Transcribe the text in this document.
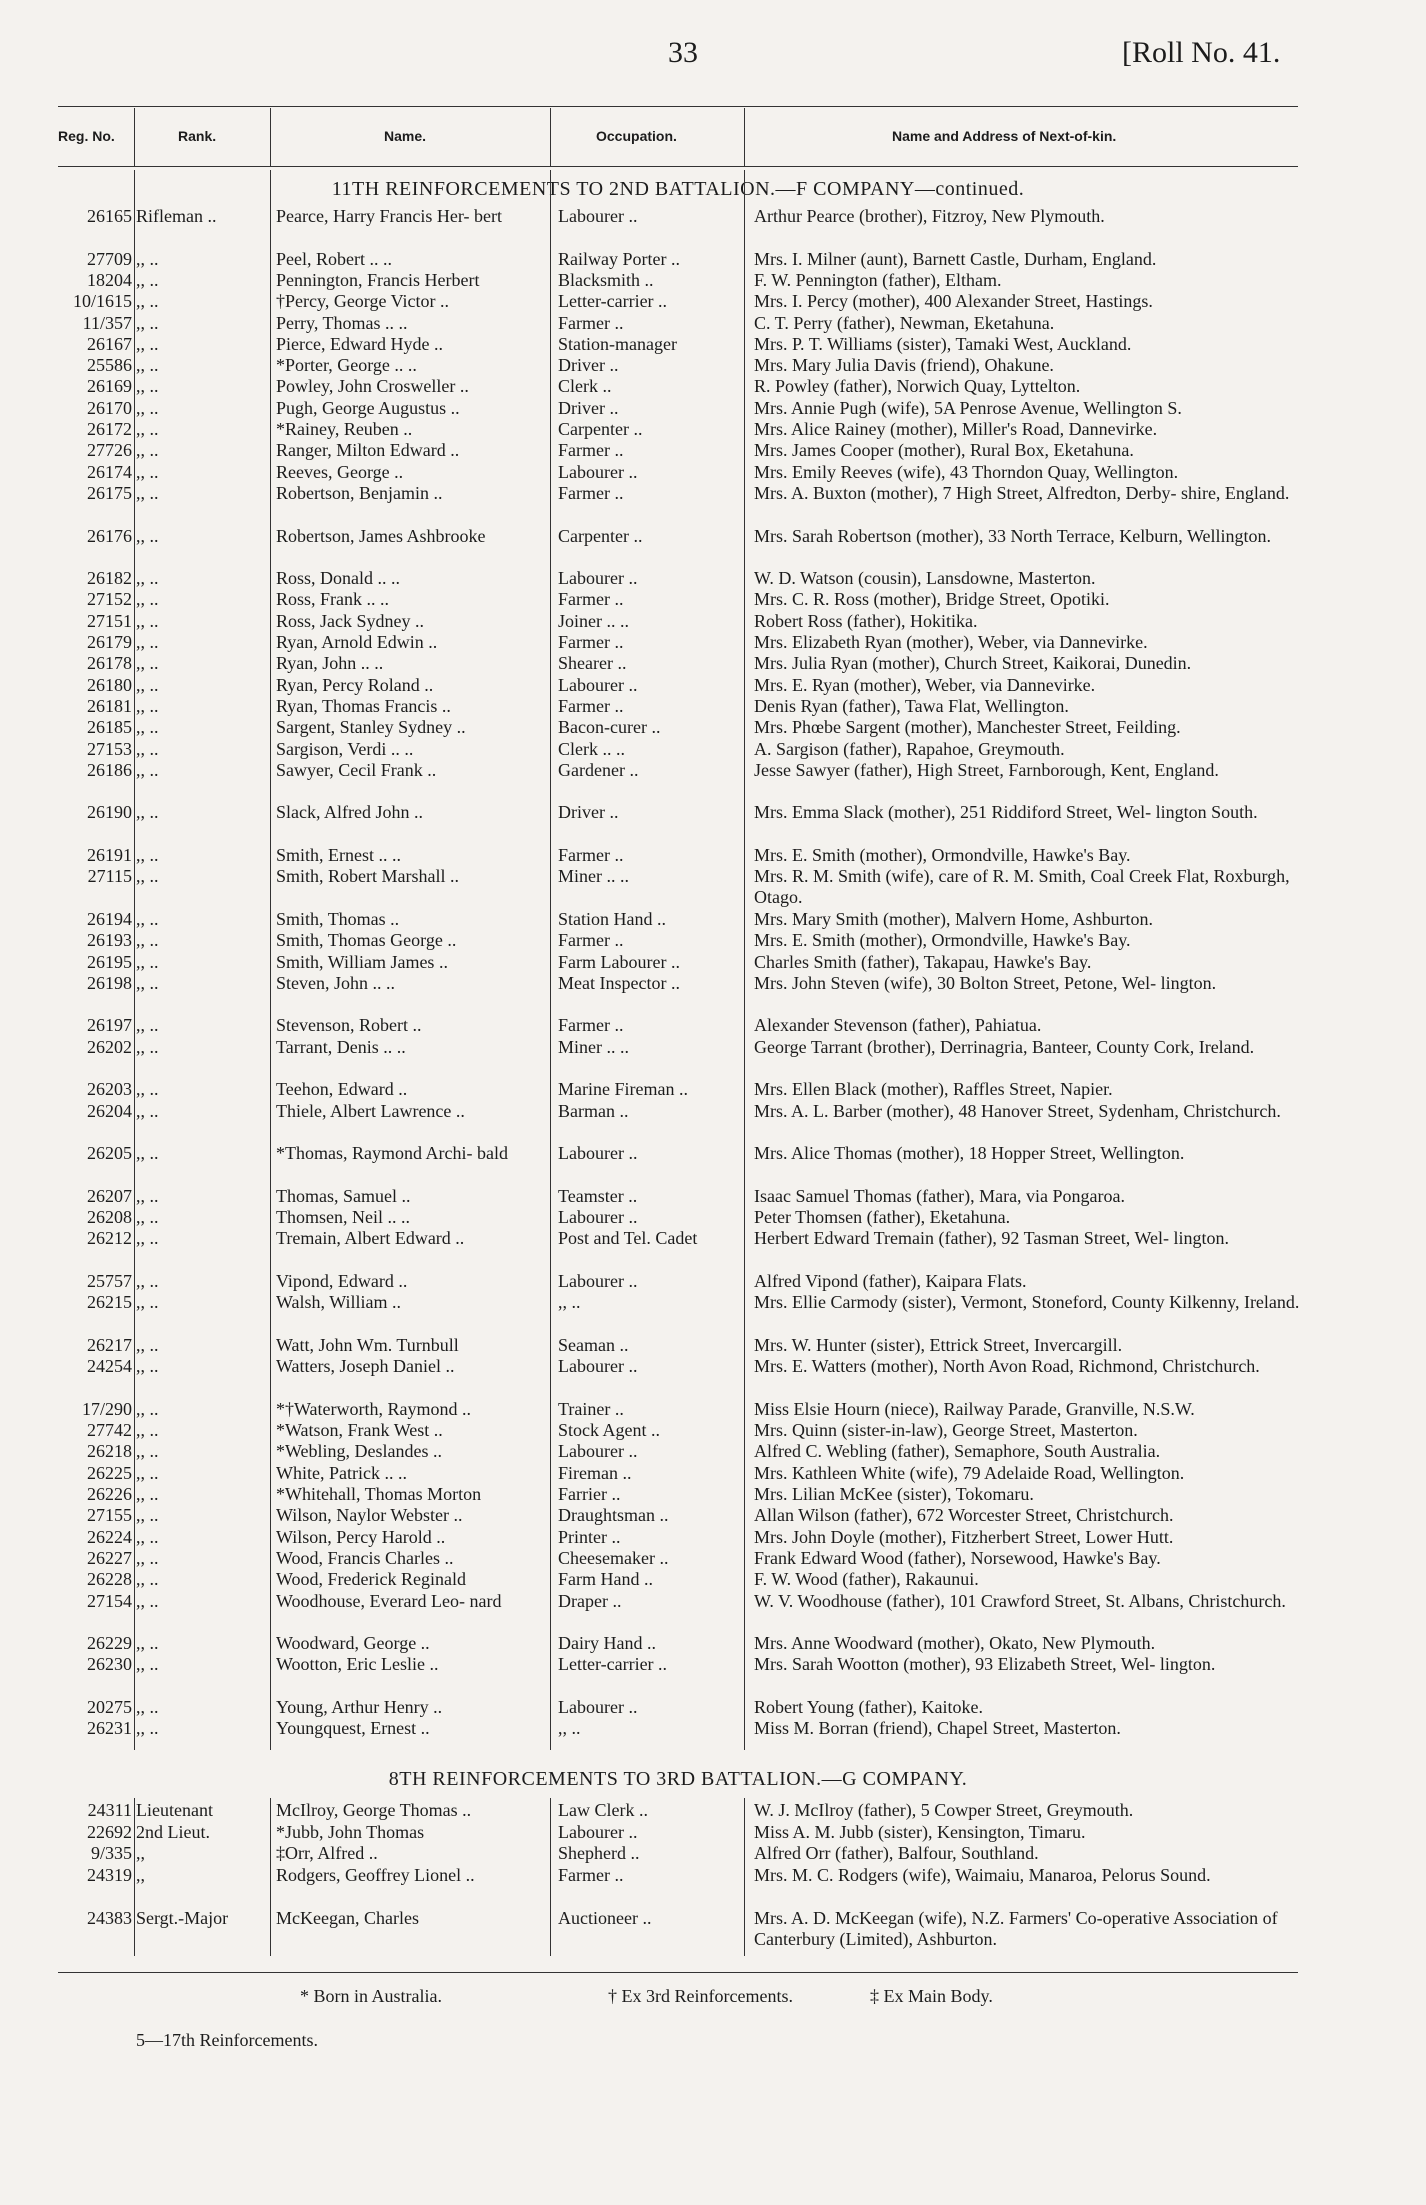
33	[Roll No. 41.
Reg. No.	Rank.	Name.	Occupation.	Name and Address of Next-of-kin.
11TH REINFORCEMENTS TO 2ND BATTALION.—F COMPANY—continued.
26165 Rifleman ..	Pearce, Harry Francis Her- bert	Labourer ..	Arthur Pearce (brother), Fitzroy, New Plymouth.
27709 ,, ..	Peel, Robert .. ..	Railway Porter ..	Mrs. I. Milner (aunt), Barnett Castle, Durham, England.
18204 ,, ..	Pennington, Francis Herbert	Blacksmith ..	F. W. Pennington (father), Eltham.
10/1615 ,, ..	†Percy, George Victor ..	Letter-carrier ..	Mrs. I. Percy (mother), 400 Alexander Street, Hastings.
11/357 ,, ..	Perry, Thomas .. ..	Farmer ..	C. T. Perry (father), Newman, Eketahuna.
26167 ,, ..	Pierce, Edward Hyde ..	Station-manager	Mrs. P. T. Williams (sister), Tamaki West, Auckland.
25586 ,, ..	*Porter, George .. ..	Driver ..	Mrs. Mary Julia Davis (friend), Ohakune.
26169 ,, ..	Powley, John Crosweller ..	Clerk ..	R. Powley (father), Norwich Quay, Lyttelton.
26170 ,, ..	Pugh, George Augustus ..	Driver ..	Mrs. Annie Pugh (wife), 5A Penrose Avenue, Wellington S.
26172 ,, ..	*Rainey, Reuben ..	Carpenter ..	Mrs. Alice Rainey (mother), Miller's Road, Dannevirke.
27726 ,, ..	Ranger, Milton Edward ..	Farmer ..	Mrs. James Cooper (mother), Rural Box, Eketahuna.
26174 ,, ..	Reeves, George ..	Labourer ..	Mrs. Emily Reeves (wife), 43 Thorndon Quay, Wellington.
26175 ,, ..	Robertson, Benjamin ..	Farmer ..	Mrs. A. Buxton (mother), 7 High Street, Alfredton, Derby- shire, England.
26176 ,, ..	Robertson, James Ashbrooke	Carpenter ..	Mrs. Sarah Robertson (mother), 33 North Terrace, Kelburn, Wellington.
26182 ,, ..	Ross, Donald .. ..	Labourer ..	W. D. Watson (cousin), Lansdowne, Masterton.
27152 ,, ..	Ross, Frank .. ..	Farmer ..	Mrs. C. R. Ross (mother), Bridge Street, Opotiki.
27151 ,, ..	Ross, Jack Sydney ..	Joiner .. ..	Robert Ross (father), Hokitika.
26179 ,, ..	Ryan, Arnold Edwin ..	Farmer ..	Mrs. Elizabeth Ryan (mother), Weber, via Dannevirke.
26178 ,, ..	Ryan, John .. ..	Shearer ..	Mrs. Julia Ryan (mother), Church Street, Kaikorai, Dunedin.
26180 ,, ..	Ryan, Percy Roland ..	Labourer ..	Mrs. E. Ryan (mother), Weber, via Dannevirke.
26181 ,, ..	Ryan, Thomas Francis ..	Farmer ..	Denis Ryan (father), Tawa Flat, Wellington.
26185 ,, ..	Sargent, Stanley Sydney ..	Bacon-curer ..	Mrs. Phœbe Sargent (mother), Manchester Street, Feilding.
27153 ,, ..	Sargison, Verdi .. ..	Clerk .. ..	A. Sargison (father), Rapahoe, Greymouth.
26186 ,, ..	Sawyer, Cecil Frank ..	Gardener ..	Jesse Sawyer (father), High Street, Farnborough, Kent, England.
26190 ,, ..	Slack, Alfred John ..	Driver ..	Mrs. Emma Slack (mother), 251 Riddiford Street, Wel- lington South.
26191 ,, ..	Smith, Ernest .. ..	Farmer ..	Mrs. E. Smith (mother), Ormondville, Hawke's Bay.
27115 ,, ..	Smith, Robert Marshall ..	Miner .. ..	Mrs. R. M. Smith (wife), care of R. M. Smith, Coal Creek Flat, Roxburgh, Otago.
26194 ,, ..	Smith, Thomas ..	Station Hand ..	Mrs. Mary Smith (mother), Malvern Home, Ashburton.
26193 ,, ..	Smith, Thomas George ..	Farmer ..	Mrs. E. Smith (mother), Ormondville, Hawke's Bay.
26195 ,, ..	Smith, William James ..	Farm Labourer ..	Charles Smith (father), Takapau, Hawke's Bay.
26198 ,, ..	Steven, John .. ..	Meat Inspector ..	Mrs. John Steven (wife), 30 Bolton Street, Petone, Wel- lington.
26197 ,, ..	Stevenson, Robert ..	Farmer ..	Alexander Stevenson (father), Pahiatua.
26202 ,, ..	Tarrant, Denis .. ..	Miner .. ..	George Tarrant (brother), Derrinagria, Banteer, County Cork, Ireland.
26203 ,, ..	Teehon, Edward ..	Marine Fireman ..	Mrs. Ellen Black (mother), Raffles Street, Napier.
26204 ,, ..	Thiele, Albert Lawrence ..	Barman ..	Mrs. A. L. Barber (mother), 48 Hanover Street, Sydenham, Christchurch.
26205 ,, ..	*Thomas, Raymond Archi- bald	Labourer ..	Mrs. Alice Thomas (mother), 18 Hopper Street, Wellington.
26207 ,, ..	Thomas, Samuel ..	Teamster ..	Isaac Samuel Thomas (father), Mara, via Pongaroa.
26208 ,, ..	Thomsen, Neil .. ..	Labourer ..	Peter Thomsen (father), Eketahuna.
26212 ,, ..	Tremain, Albert Edward ..	Post and Tel. Cadet	Herbert Edward Tremain (father), 92 Tasman Street, Wel- lington.
25757 ,, ..	Vipond, Edward ..	Labourer ..	Alfred Vipond (father), Kaipara Flats.
26215 ,, ..	Walsh, William ..	,, ..	Mrs. Ellie Carmody (sister), Vermont, Stoneford, County Kilkenny, Ireland.
26217 ,, ..	Watt, John Wm. Turnbull	Seaman ..	Mrs. W. Hunter (sister), Ettrick Street, Invercargill.
24254 ,, ..	Watters, Joseph Daniel ..	Labourer ..	Mrs. E. Watters (mother), North Avon Road, Richmond, Christchurch.
17/290 ,, ..	*†Waterworth, Raymond ..	Trainer ..	Miss Elsie Hourn (niece), Railway Parade, Granville, N.S.W.
27742 ,, ..	*Watson, Frank West ..	Stock Agent ..	Mrs. Quinn (sister-in-law), George Street, Masterton.
26218 ,, ..	*Webling, Deslandes ..	Labourer ..	Alfred C. Webling (father), Semaphore, South Australia.
26225 ,, ..	White, Patrick .. ..	Fireman ..	Mrs. Kathleen White (wife), 79 Adelaide Road, Wellington.
26226 ,, ..	*Whitehall, Thomas Morton	Farrier ..	Mrs. Lilian McKee (sister), Tokomaru.
27155 ,, ..	Wilson, Naylor Webster ..	Draughtsman ..	Allan Wilson (father), 672 Worcester Street, Christchurch.
26224 ,, ..	Wilson, Percy Harold ..	Printer ..	Mrs. John Doyle (mother), Fitzherbert Street, Lower Hutt.
26227 ,, ..	Wood, Francis Charles ..	Cheesemaker ..	Frank Edward Wood (father), Norsewood, Hawke's Bay.
26228 ,, ..	Wood, Frederick Reginald	Farm Hand ..	F. W. Wood (father), Rakaunui.
27154 ,, ..	Woodhouse, Everard Leo- nard	Draper ..	W. V. Woodhouse (father), 101 Crawford Street, St. Albans, Christchurch.
26229 ,, ..	Woodward, George ..	Dairy Hand ..	Mrs. Anne Woodward (mother), Okato, New Plymouth.
26230 ,, ..	Wootton, Eric Leslie ..	Letter-carrier ..	Mrs. Sarah Wootton (mother), 93 Elizabeth Street, Wel- lington.
20275 ,, ..	Young, Arthur Henry ..	Labourer ..	Robert Young (father), Kaitoke.
26231 ,, ..	Youngquest, Ernest ..	,, ..	Miss M. Borran (friend), Chapel Street, Masterton.
8TH REINFORCEMENTS TO 3RD BATTALION.—G COMPANY.
24311 Lieutenant	McIlroy, George Thomas ..	Law Clerk ..	W. J. McIlroy (father), 5 Cowper Street, Greymouth.
22692 2nd Lieut.	*Jubb, John Thomas	Labourer ..	Miss A. M. Jubb (sister), Kensington, Timaru.
9/335 ,,	‡Orr, Alfred ..	Shepherd ..	Alfred Orr (father), Balfour, Southland.
24319 ,,	Rodgers, Geoffrey Lionel ..	Farmer ..	Mrs. M. C. Rodgers (wife), Waimaiu, Manaroa, Pelorus Sound.
24383 Sergt.-Major	McKeegan, Charles	Auctioneer ..	Mrs. A. D. McKeegan (wife), N.Z. Farmers' Co-operative Association of Canterbury (Limited), Ashburton.
* Born in Australia.	† Ex 3rd Reinforcements.	‡ Ex Main Body.
5—17th Reinforcements.
